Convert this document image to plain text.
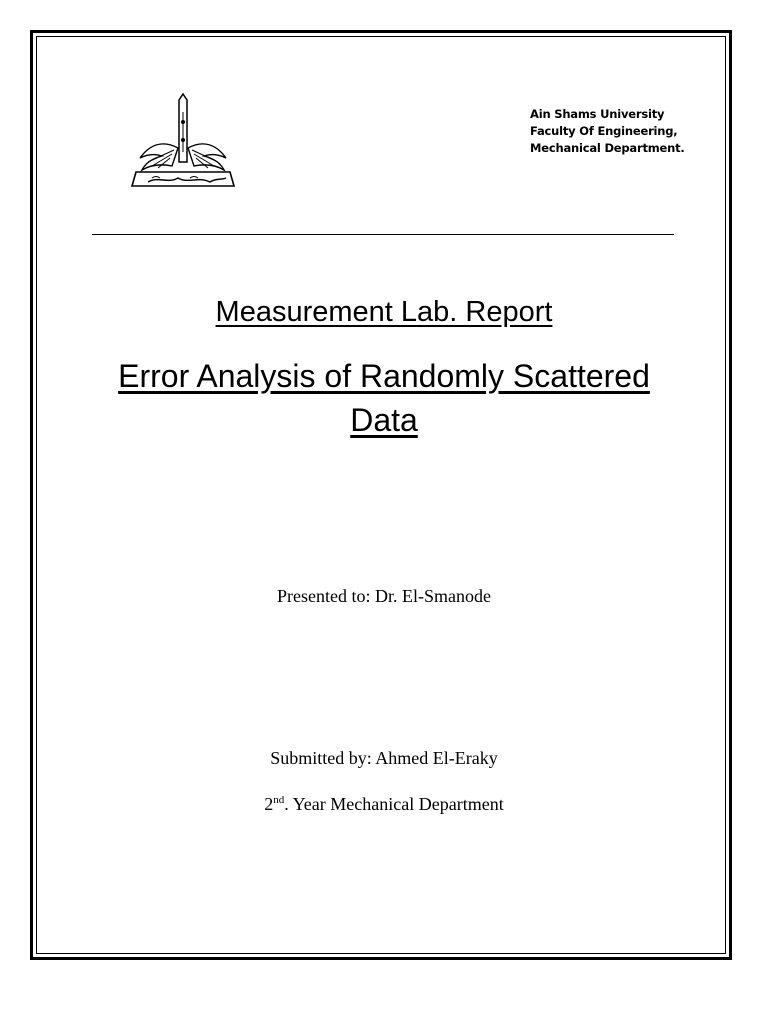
Ain Shams University
Faculty Of Engineering,
Mechanical Department.
Measurement Lab. Report
Error Analysis of Randomly Scattered
Data
Presented to: Dr. El-Smanode
Submitted by: Ahmed El-Eraky
2nd. Year Mechanical Department
